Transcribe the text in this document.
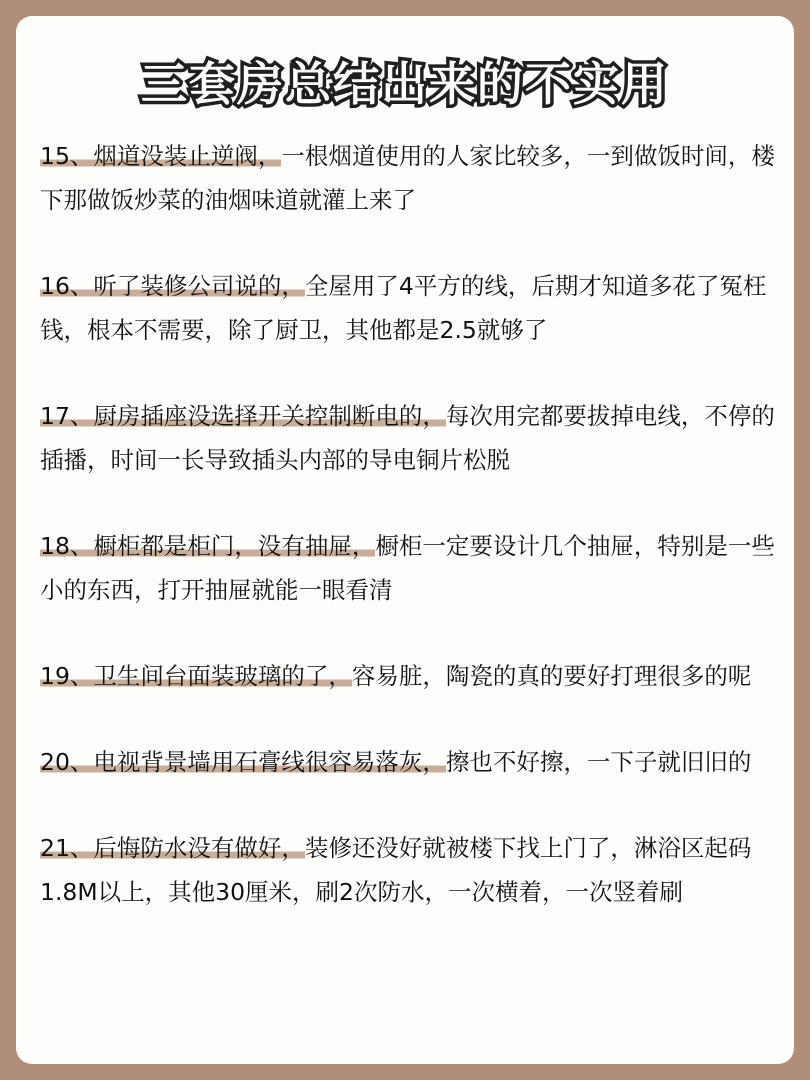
三套房总结出来的不实用
15、烟道没装止逆阀，一根烟道使用的人家比较多，一到做饭时间，楼下那做饭炒菜的油烟味道就灌上来了
16、听了装修公司说的，全屋用了4平方的线，后期才知道多花了冤枉钱，根本不需要，除了厨卫，其他都是2.5就够了
17、厨房插座没选择开关控制断电的，每次用完都要拔掉电线，不停的插播，时间一长导致插头内部的导电铜片松脱
18、橱柜都是柜门，没有抽屉，橱柜一定要设计几个抽屉，特别是一些小的东西，打开抽屉就能一眼看清
19、卫生间台面装玻璃的了，容易脏，陶瓷的真的要好打理很多的呢
20、电视背景墙用石膏线很容易落灰，擦也不好擦，一下子就旧旧的
21、后悔防水没有做好，装修还没好就被楼下找上门了，淋浴区起码1.8M以上，其他30厘米，刷2次防水，一次横着，一次竖着刷
